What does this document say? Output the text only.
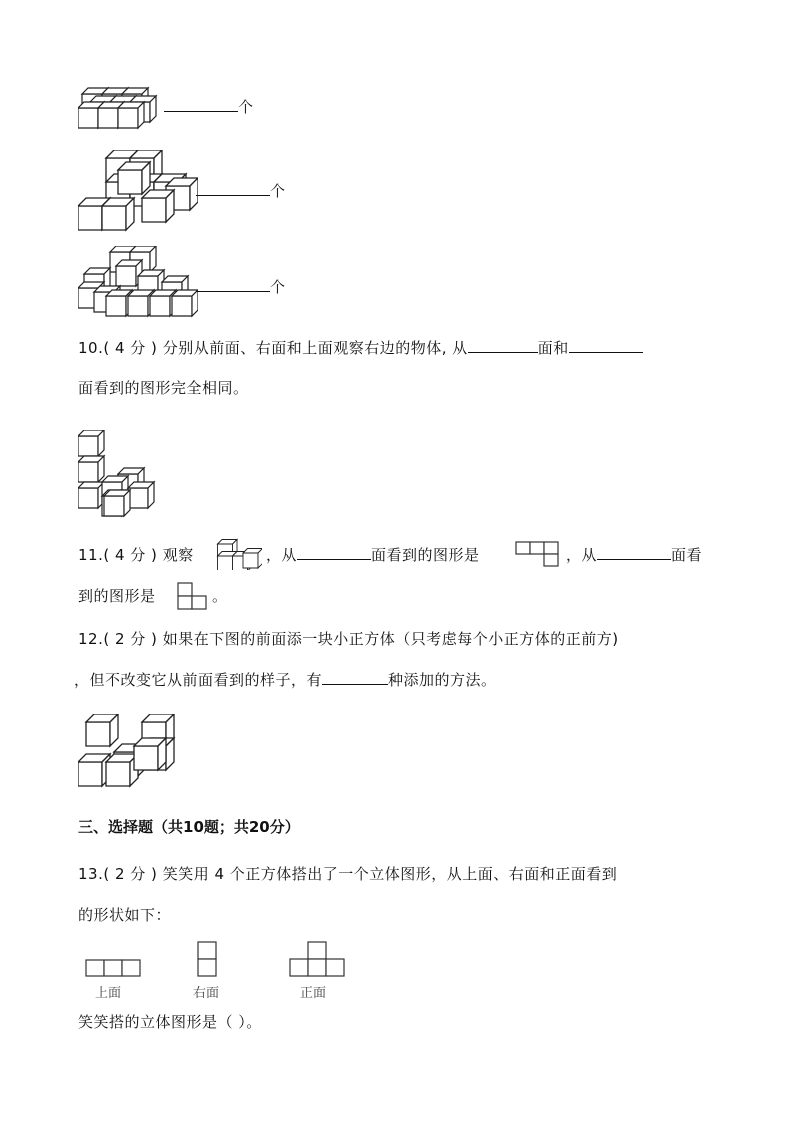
个
个
个
10.( 4 分 ) 分别从前面、右面和上面观察右边的物体, 从	面和
面看到的图形完全相同。
11.( 4 分 ) 观察	，从	面看到的图形是	，从	面看
到的图形是	。
12.( 2 分 ) 如果在下图的前面添一块小正方体（只考虑每个小正方体的正前方)
，但不改变它从前面看到的样子，有	种添加的方法。
三、选择题（共10题；共20分）
13.( 2 分 ) 笑笑用 4 个正方体搭出了一个立体图形，从上面、右面和正面看到
的形状如下：
上面	右面	正面
笑笑搭的立体图形是（ ）。
